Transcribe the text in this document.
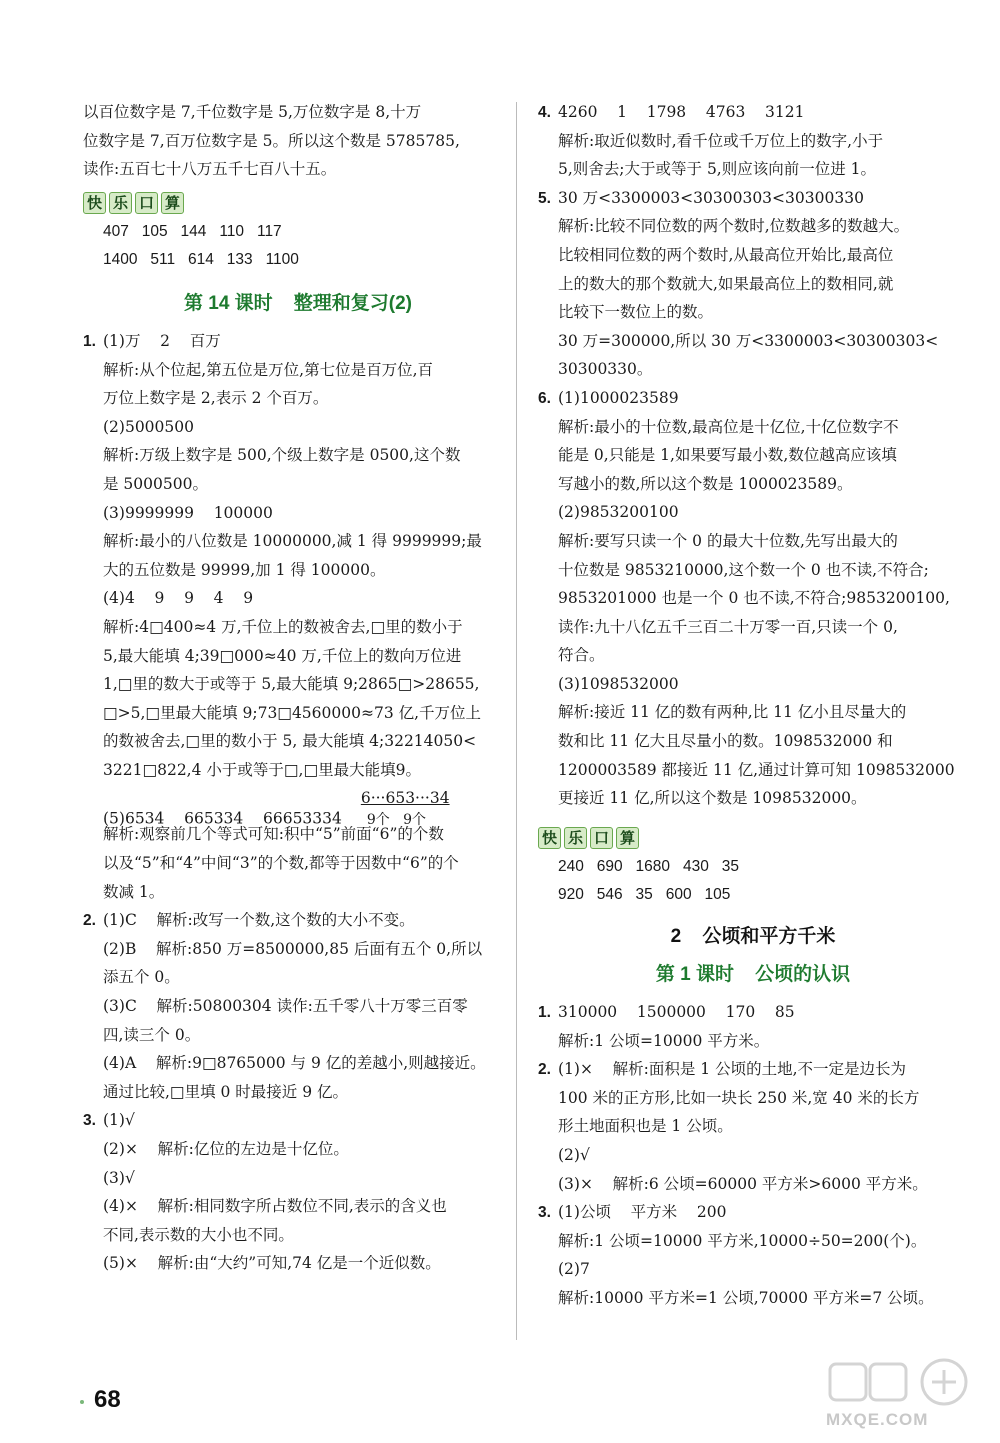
以百位数字是 7,千位数字是 5,万位数字是 8,十万
位数字是 7,百万位数字是 5。所以这个数是 5785785,
读作:五百七十八万五千七百八十五。
快 乐 口 算
407   105   144   110   117
1400   511   614   133   1100
第 14 课时    整理和复习(2)
1. (1)万    2    百万
解析:从个位起,第五位是万位,第七位是百万位,百
万位上数字是 2,表示 2 个百万。
(2)5000500
解析:万级上数字是 500,个级上数字是 0500,这个数
是 5000500。
(3)9999999    100000
解析:最小的八位数是 10000000,减 1 得 9999999;最
大的五位数是 99999,加 1 得 100000。
(4)4    9    9    4    9
解析:4□400≈4 万,千位上的数被舍去,□里的数小于
5,最大能填 4;39□000≈40 万,千位上的数向万位进
1,□里的数大于或等于 5,最大能填 9;2865□>28655,
□>5,□里最大能填 9;73□4560000≈73 亿,千万位上
的数被舍去,□里的数小于 5, 最大能填 4;32214050<
3221□822,4 小于或等于□,□里最大能填9。
(5)6534    665334    66653334 6···653···34
9个   9个
解析:观察前几个等式可知:积中“5”前面“6”的个数
以及“5”和“4”中间“3”的个数,都等于因数中“6”的个
数减 1。
2. (1)C    解析:改写一个数,这个数的大小不变。
(2)B    解析:850 万=8500000,85 后面有五个 0,所以
添五个 0。
(3)C    解析:50800304 读作:五千零八十万零三百零
四,读三个 0。
(4)A    解析:9□8765000 与 9 亿的差越小,则越接近。
通过比较,□里填 0 时最接近 9 亿。
3. (1)√
(2)×    解析:亿位的左边是十亿位。
(3)√
(4)×    解析:相同数字所占数位不同,表示的含义也
不同,表示数的大小也不同。
(5)×    解析:由“大约”可知,74 亿是一个近似数。
4. 4260    1    1798    4763    3121
解析:取近似数时,看千位或千万位上的数字,小于
5,则舍去;大于或等于 5,则应该向前一位进 1。
5. 30 万<3300003<30300303<30300330
解析:比较不同位数的两个数时,位数越多的数越大。
比较相同位数的两个数时,从最高位开始比,最高位
上的数大的那个数就大,如果最高位上的数相同,就
比较下一数位上的数。
30 万=300000,所以 30 万<3300003<30300303<
30300330。
6. (1)1000023589
解析:最小的十位数,最高位是十亿位,十亿位数字不
能是 0,只能是 1,如果要写最小数,数位越高应该填
写越小的数,所以这个数是 1000023589。
(2)9853200100
解析:要写只读一个 0 的最大十位数,先写出最大的
十位数是 9853210000,这个数一个 0 也不读,不符合;
9853201000 也是一个 0 也不读,不符合;9853200100,
读作:九十八亿五千三百二十万零一百,只读一个 0,
符合。
(3)1098532000
解析:接近 11 亿的数有两种,比 11 亿小且尽量大的
数和比 11 亿大且尽量小的数。1098532000 和
1200003589 都接近 11 亿,通过计算可知 1098532000
更接近 11 亿,所以这个数是 1098532000。
快 乐 口 算
240   690   1680   430   35
920   546   35   600   105
2    公顷和平方千米
第 1 课时    公顷的认识
1. 310000    1500000    170    85
解析:1 公顷=10000 平方米。
2. (1)×    解析:面积是 1 公顷的土地,不一定是边长为
100 米的正方形,比如一块长 250 米,宽 40 米的长方
形土地面积也是 1 公顷。
(2)√
(3)×    解析:6 公顷=60000 平方米>6000 平方米。
3. (1)公顷    平方米    200
解析:1 公顷=10000 平方米,10000÷50=200(个)。
(2)7
解析:10000 平方米=1 公顷,70000 平方米=7 公顷。
68
MXQE.COM
